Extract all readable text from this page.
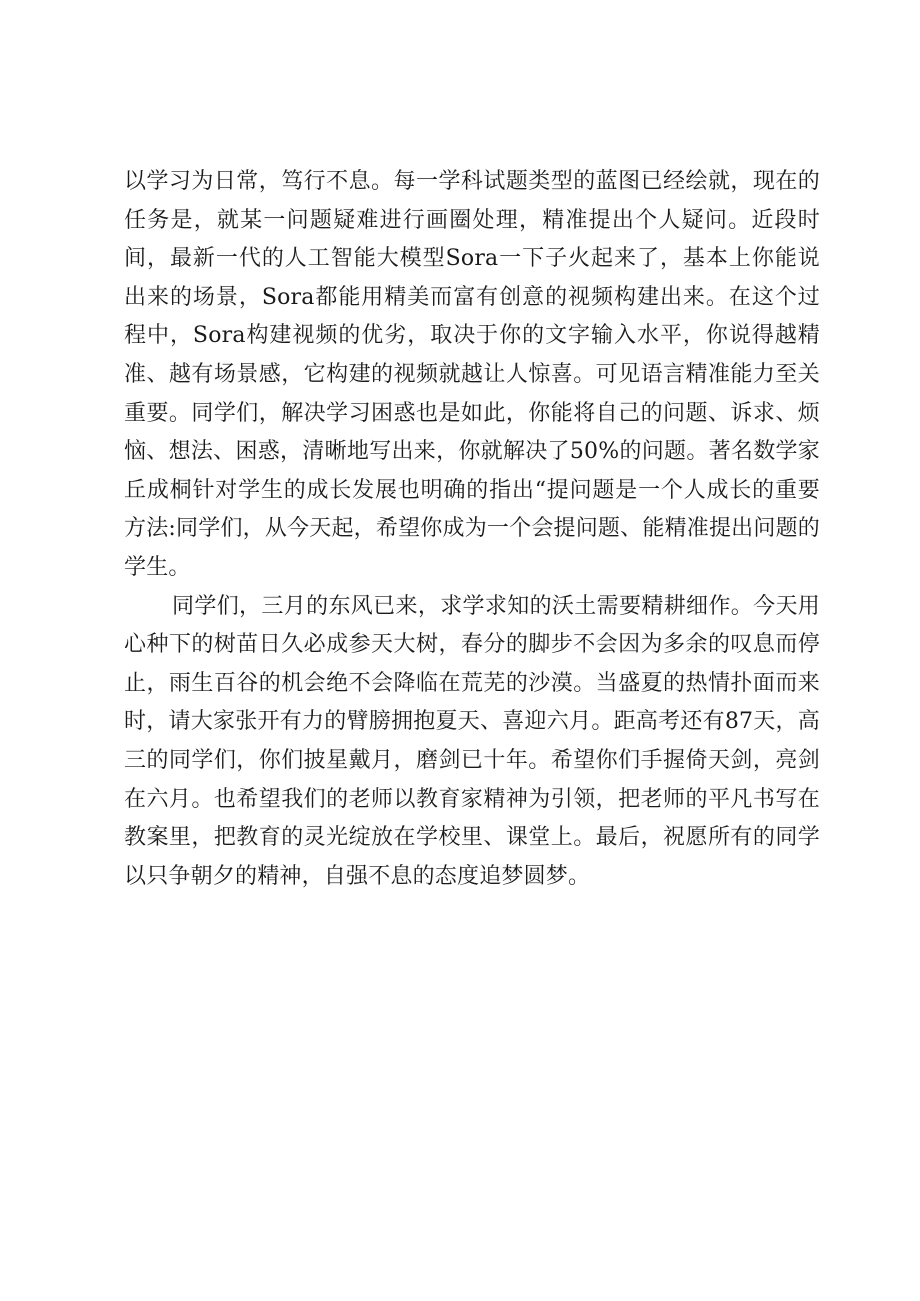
以学习为日常，笃行不息。每一学科试题类型的蓝图已经绘就，现在的任务是，就某一问题疑难进行画圈处理，精准提出个人疑问。近段时间，最新一代的人工智能大模型Sora一下子火起来了，基本上你能说出来的场景，Sora都能用精美而富有创意的视频构建出来。在这个过程中，Sora构建视频的优劣，取决于你的文字输入水平，你说得越精准、越有场景感，它构建的视频就越让人惊喜。可见语言精准能力至关重要。同学们，解决学习困惑也是如此，你能将自己的问题、诉求、烦恼、想法、困惑，清晰地写出来，你就解决了50%的问题。著名数学家丘成桐针对学生的成长发展也明确的指出“提问题是一个人成长的重要方法:同学们，从今天起，希望你成为一个会提问题、能精准提出问题的学生。

同学们，三月的东风已来，求学求知的沃土需要精耕细作。今天用心种下的树苗日久必成参天大树，春分的脚步不会因为多余的叹息而停止，雨生百谷的机会绝不会降临在荒芜的沙漠。当盛夏的热情扑面而来时，请大家张开有力的臂膀拥抱夏天、喜迎六月。距高考还有87天，高三的同学们，你们披星戴月，磨剑已十年。希望你们手握倚天剑，亮剑在六月。也希望我们的老师以教育家精神为引领，把老师的平凡书写在教案里，把教育的灵光绽放在学校里、课堂上。最后，祝愿所有的同学以只争朝夕的精神，自强不息的态度追梦圆梦。
